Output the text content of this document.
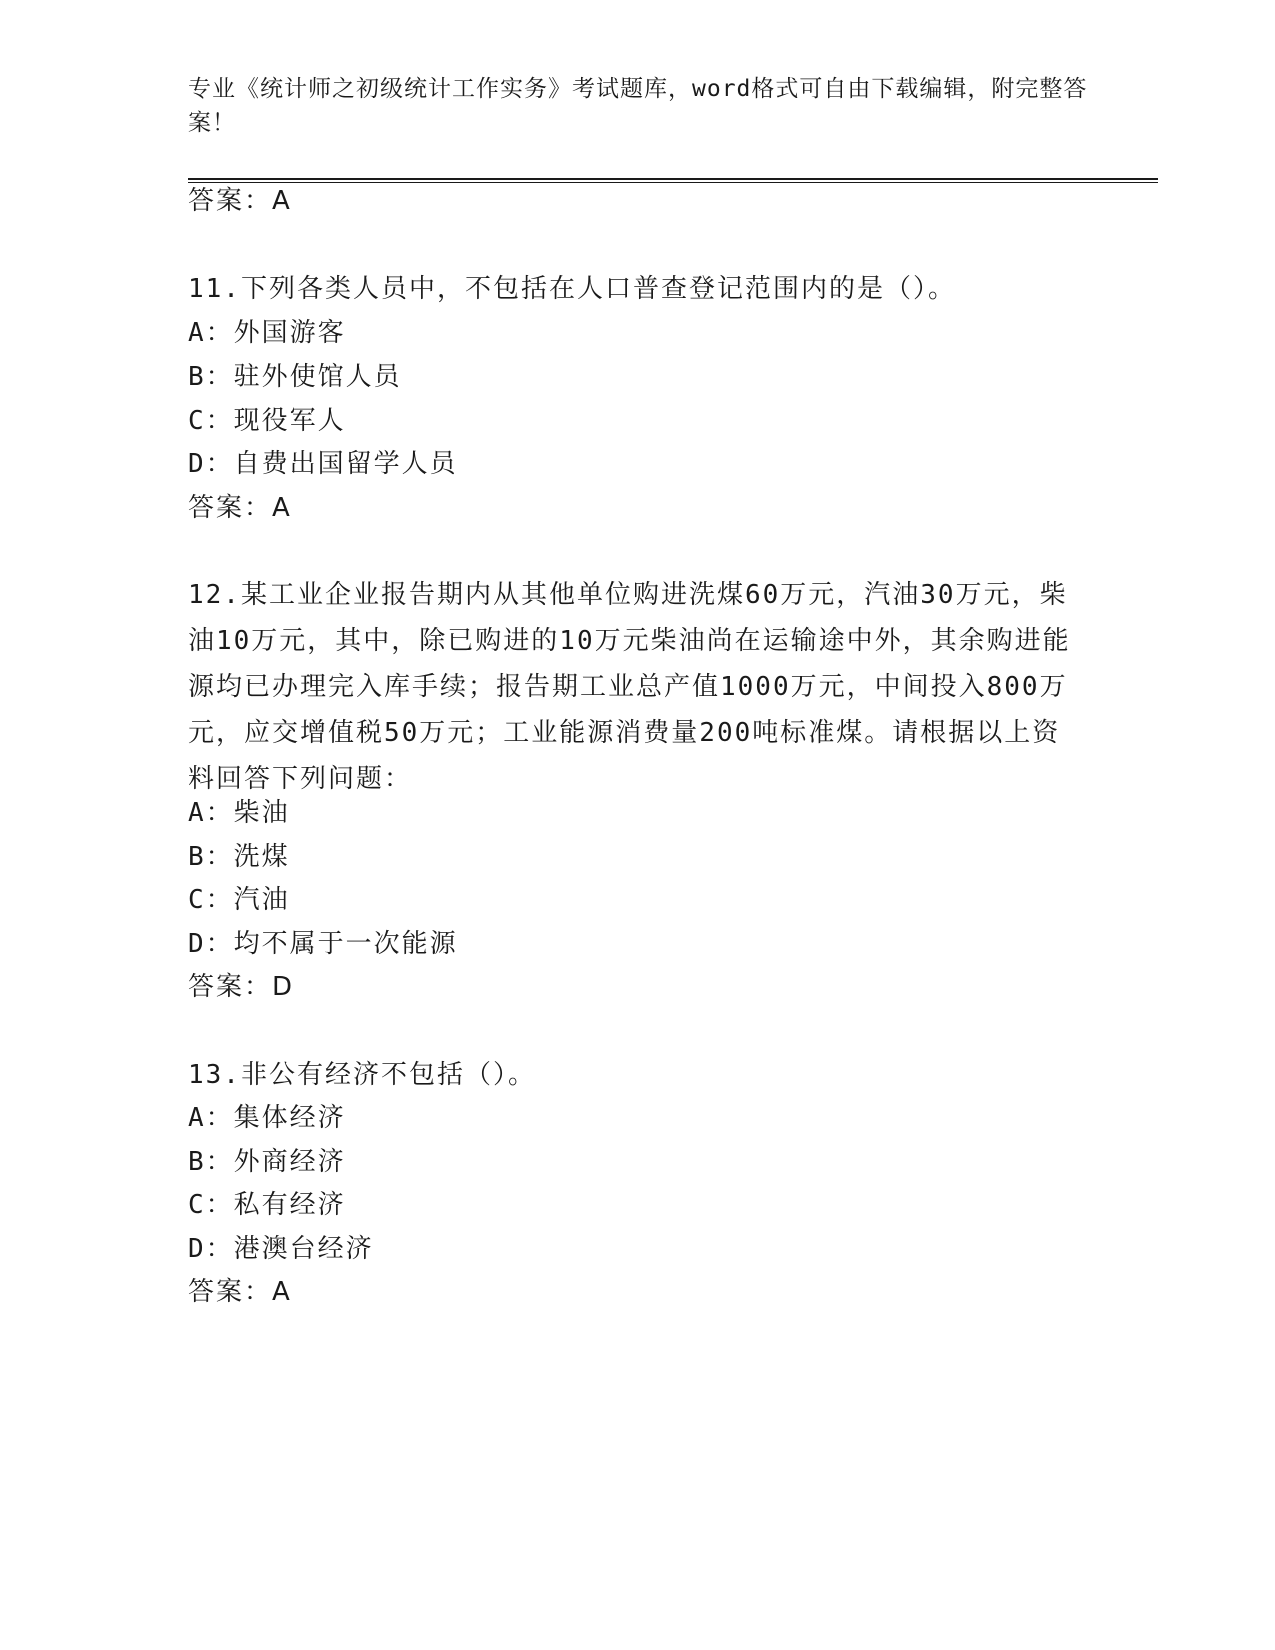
专业《统计师之初级统计工作实务》考试题库，word格式可自由下载编辑，附完整答案！
答案：A
11.下列各类人员中，不包括在人口普查登记范围内的是（）。
A：外国游客
B：驻外使馆人员
C：现役军人
D：自费出国留学人员
答案：A
12.某工业企业报告期内从其他单位购进洗煤60万元，汽油30万元，柴油10万元，其中，除已购进的10万元柴油尚在运输途中外，其余购进能源均已办理完入库手续；报告期工业总产值1000万元，中间投入800万元，应交增值税50万元；工业能源消费量200吨标准煤。请根据以上资料回答下列问题：
A：柴油
B：洗煤
C：汽油
D：均不属于一次能源
答案：D
13.非公有经济不包括（）。
A：集体经济
B：外商经济
C：私有经济
D：港澳台经济
答案：A
